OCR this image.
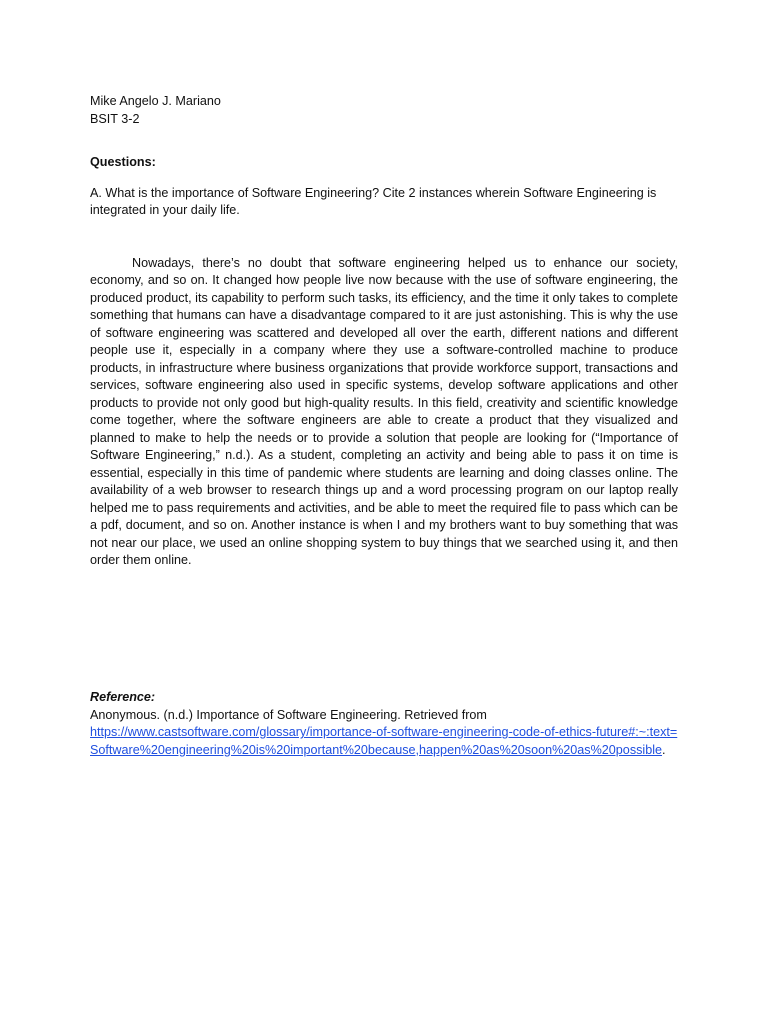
Mike Angelo J. Mariano

BSIT 3-2

Questions:

A. What is the importance of Software Engineering? Cite 2 instances wherein Software Engineering is integrated in your daily life.

Nowadays, there’s no doubt that software engineering helped us to enhance our society, economy, and so on. It changed how people live now because with the use of software engineering, the produced product, its capability to perform such tasks, its efficiency, and the time it only takes to complete something that humans can have a disadvantage compared to it are just astonishing. This is why the use of software engineering was scattered and developed all over the earth, different nations and different people use it, especially in a company where they use a software-controlled machine to produce products, in infrastructure where business organizations that provide workforce support, transactions and services, software engineering also used in specific systems, develop software applications and other products to provide not only good but high-quality results. In this field, creativity and scientific knowledge come together, where the software engineers are able to create a product that they visualized and planned to make to help the needs or to provide a solution that people are looking for (“Importance of Software Engineering,” n.d.). As a student, completing an activity and being able to pass it on time is essential, especially in this time of pandemic where students are learning and doing classes online. The availability of a web browser to research things up and a word processing program on our laptop really helped me to pass requirements and activities, and be able to meet the required file to pass which can be a pdf, document, and so on. Another instance is when I and my brothers want to buy something that was not near our place, we used an online shopping system to buy things that we searched using it, and then order them online.

Reference:

Anonymous. (n.d.) Importance of Software Engineering. Retrieved from

https://www.castsoftware.com/glossary/importance-of-software-engineering-code-of-ethics-future#:~:text=Software%20engineering%20is%20important%20because,happen%20as%20soon%20as%20possible.
